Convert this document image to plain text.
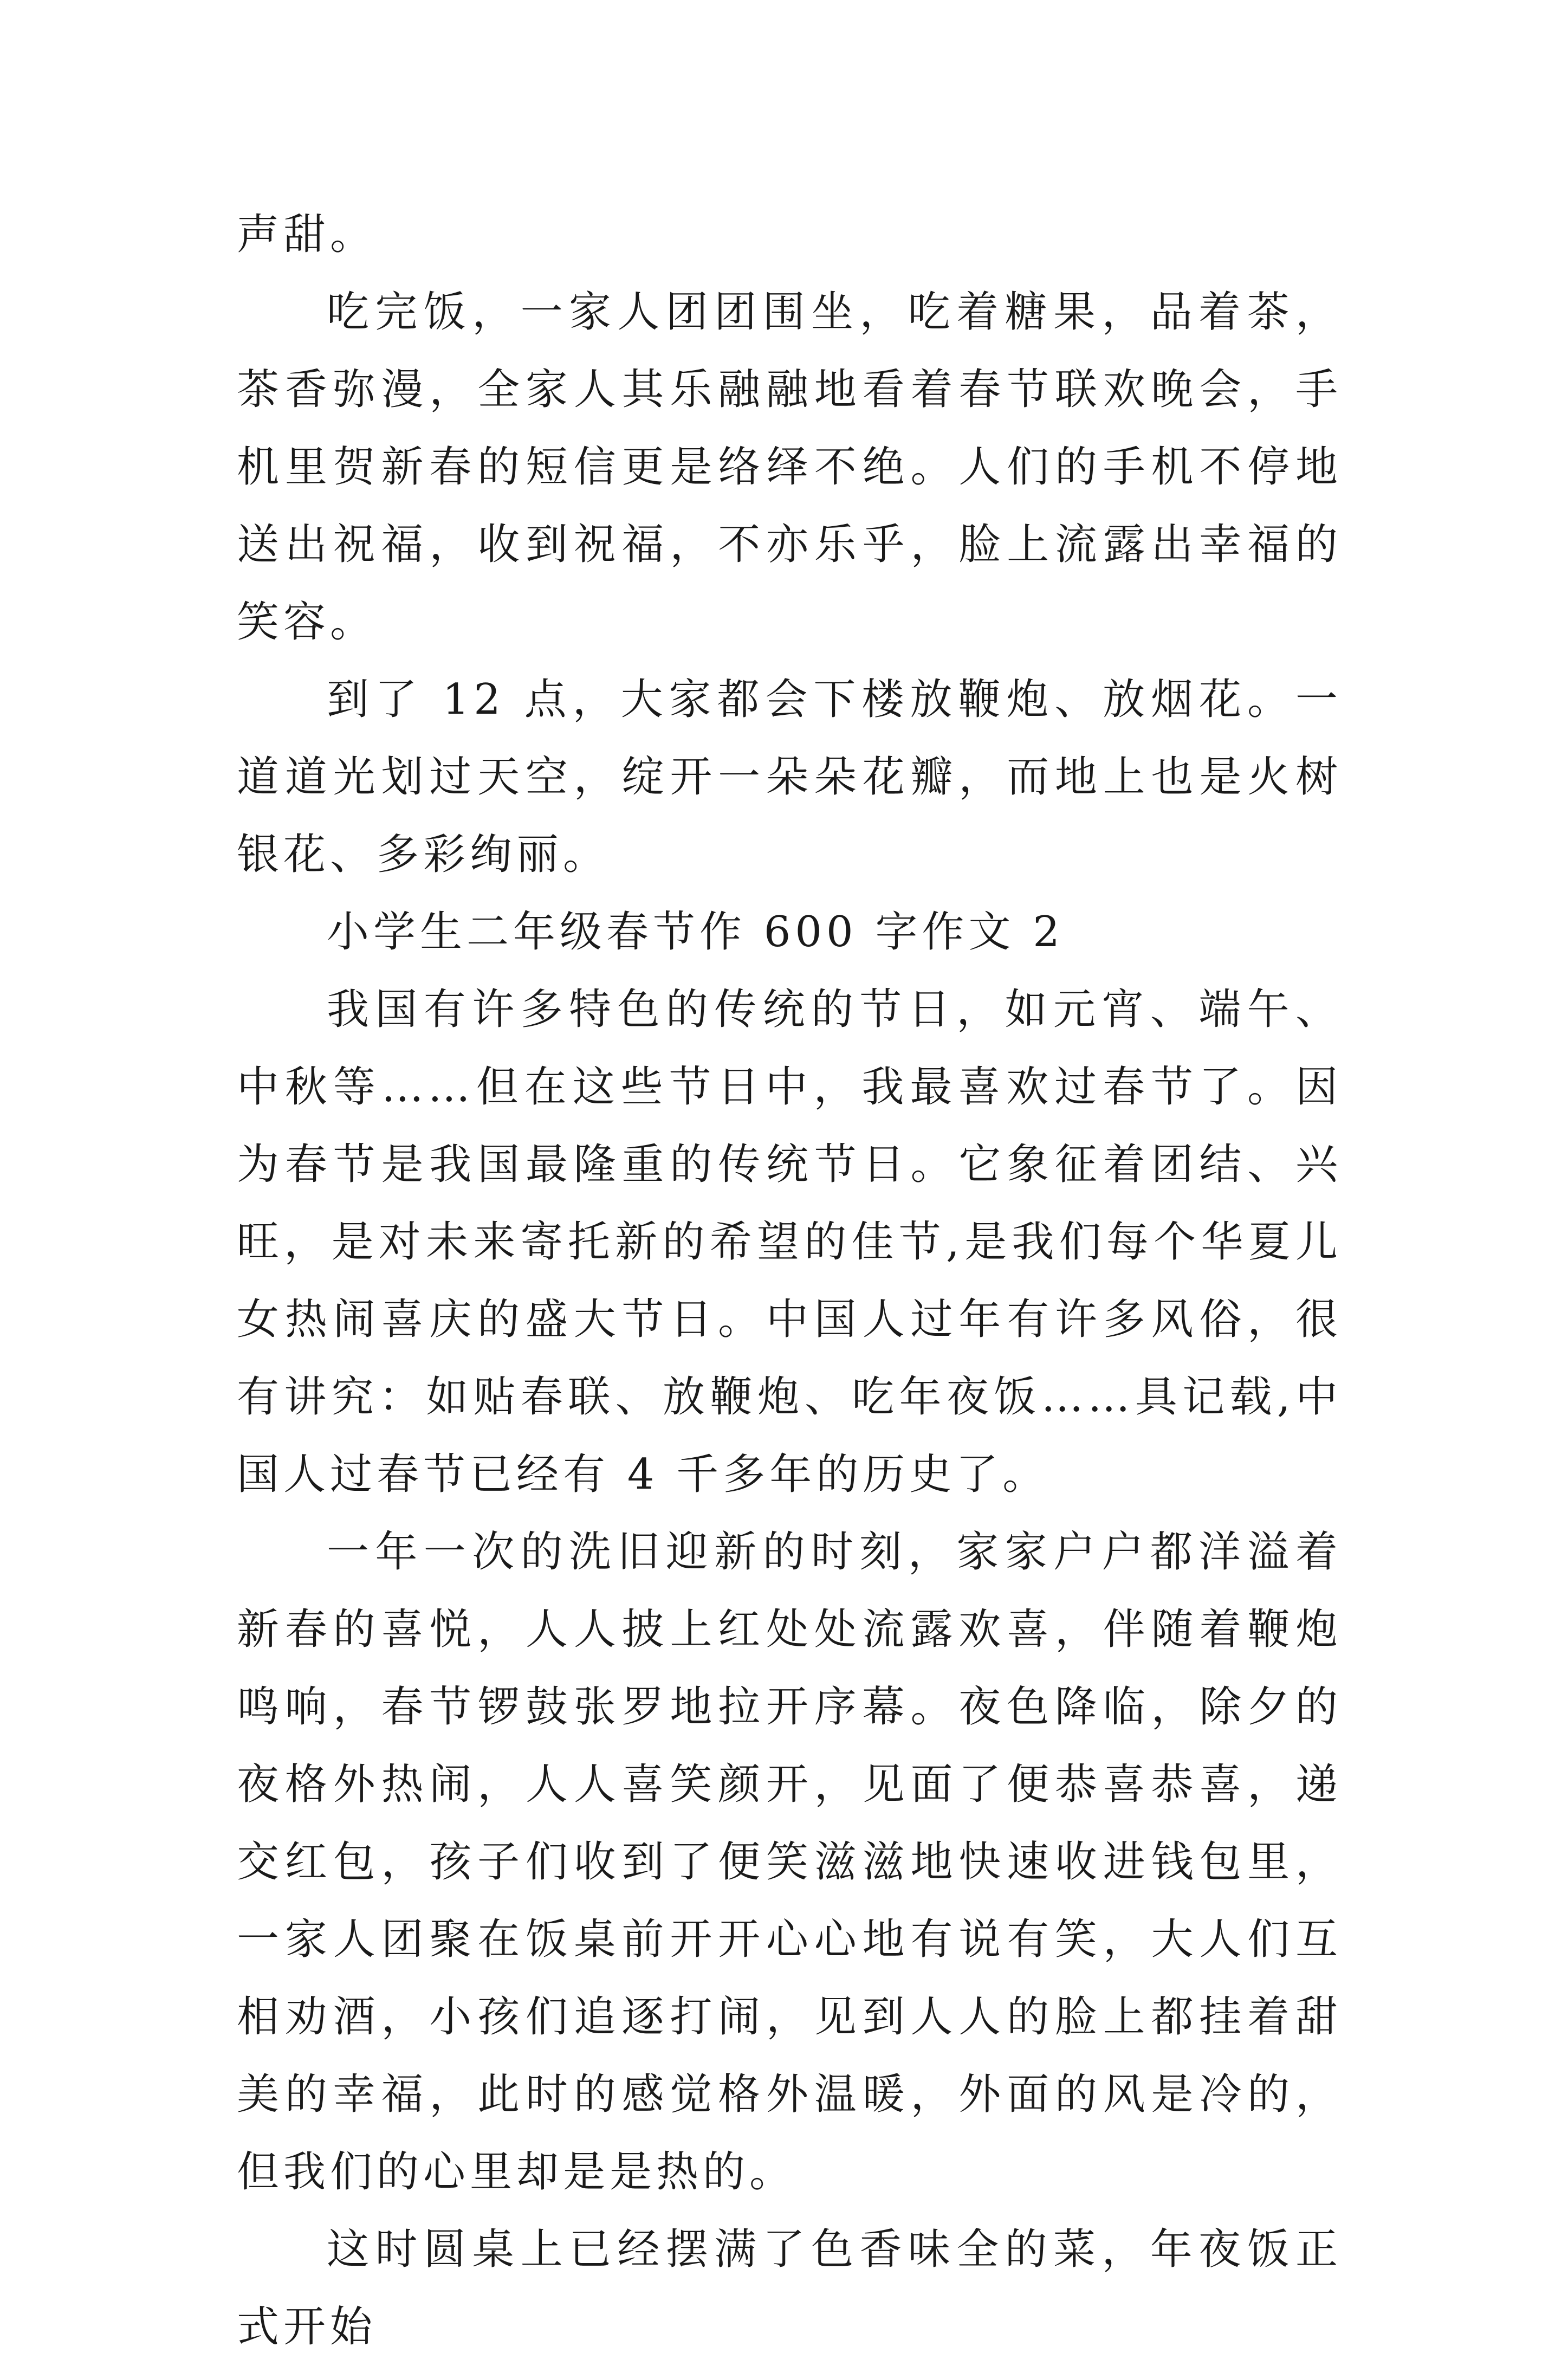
声甜。

吃完饭，一家人团团围坐，吃着糖果，品着茶，茶香弥漫，全家人其乐融融地看着春节联欢晚会，手机里贺新春的短信更是络绎不绝。人们的手机不停地送出祝福，收到祝福，不亦乐乎，脸上流露出幸福的笑容。

到了 12 点，大家都会下楼放鞭炮、放烟花。一道道光划过天空，绽开一朵朵花瓣，而地上也是火树银花、多彩绚丽。

小学生二年级春节作 600 字作文 2

我国有许多特色的传统的节日，如元宵、端午、中秋等……但在这些节日中，我最喜欢过春节了。因为春节是我国最隆重的传统节日。它象征着团结、兴旺，是对未来寄托新的希望的佳节,是我们每个华夏儿女热闹喜庆的盛大节日。中国人过年有许多风俗，很有讲究：如贴春联、放鞭炮、吃年夜饭……具记载,中国人过春节已经有 4 千多年的历史了。

一年一次的洗旧迎新的时刻，家家户户都洋溢着新春的喜悦，人人披上红处处流露欢喜，伴随着鞭炮鸣响，春节锣鼓张罗地拉开序幕。夜色降临，除夕的夜格外热闹，人人喜笑颜开，见面了便恭喜恭喜，递交红包，孩子们收到了便笑滋滋地快速收进钱包里，一家人团聚在饭桌前开开心心地有说有笑，大人们互相劝酒，小孩们追逐打闹，见到人人的脸上都挂着甜美的幸福，此时的感觉格外温暖，外面的风是冷的，但我们的心里却是是热的。

这时圆桌上已经摆满了色香味全的菜，年夜饭正式开始
